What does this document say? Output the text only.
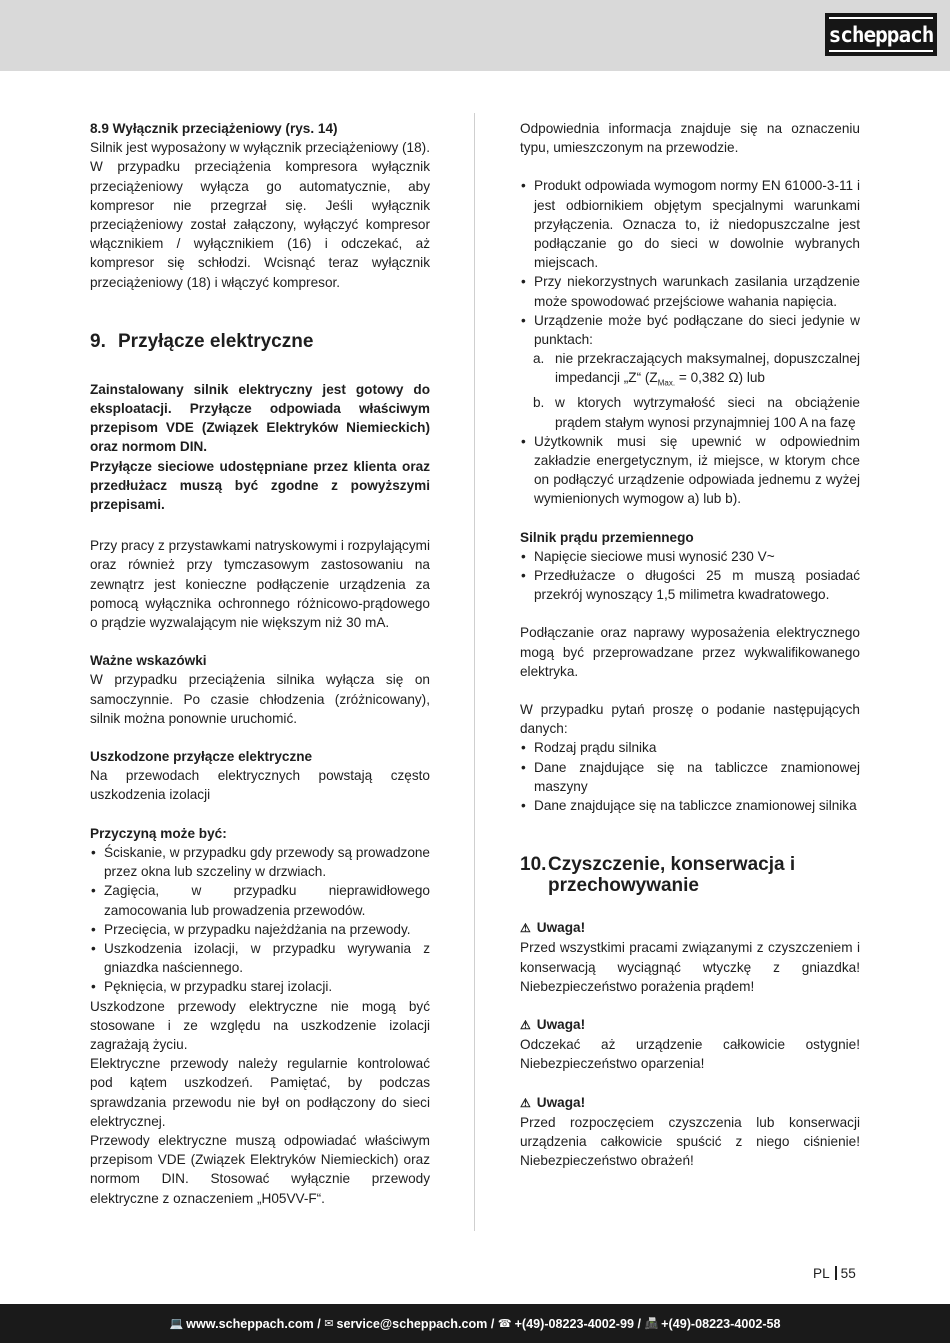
scheppach

8.9 Wyłącznik przeciążeniowy (rys. 14)

Silnik jest wyposażony w wyłącznik przeciążeniowy (18). W przypadku przeciążenia kompresora wyłącznik przeciążeniowy wyłącza go automatycznie, aby kompresor nie przegrzał się. Jeśli wyłącznik przeciążeniowy został załączony, wyłączyć kompresor włącznikiem / wyłącznikiem (16) i odczekać, aż kompresor się schłodzi. Wcisnąć teraz wyłącznik przeciążeniowy (18) i włączyć kompresor.

9. Przyłącze elektryczne

Zainstalowany silnik elektryczny jest gotowy do eksploatacji. Przyłącze odpowiada właściwym przepisom VDE (Związek Elektryków Niemieckich) oraz normom DIN.

Przyłącze sieciowe udostępniane przez klienta oraz przedłużacz muszą być zgodne z powyższymi przepisami.

Przy pracy z przystawkami natryskowymi i rozpylającymi oraz również przy tymczasowym zastosowaniu na zewnątrz jest konieczne podłączenie urządzenia za pomocą wyłącznika ochronnego różnicowo-prądowego o prądzie wyzwalającym nie większym niż 30 mA.

Ważne wskazówki

W przypadku przeciążenia silnika wyłącza się on samoczynnie. Po czasie chłodzenia (zróżnicowany), silnik można ponownie uruchomić.

Uszkodzone przyłącze elektryczne

Na przewodach elektrycznych powstają często uszkodzenia izolacji

Przyczyną może być:

• Ściskanie, w przypadku gdy przewody są prowadzone przez okna lub szczeliny w drzwiach.
• Zagięcia, w przypadku nieprawidłowego zamocowania lub prowadzenia przewodów.
• Przecięcia, w przypadku najeżdżania na przewody.
• Uszkodzenia izolacji, w przypadku wyrywania z gniazdka naściennego.
• Pęknięcia, w przypadku starej izolacji.

Uszkodzone przewody elektryczne nie mogą być stosowane i ze względu na uszkodzenie izolacji zagrażają życiu.

Elektryczne przewody należy regularnie kontrolować pod kątem uszkodzeń. Pamiętać, by podczas sprawdzania przewodu nie był on podłączony do sieci elektrycznej.

Przewody elektryczne muszą odpowiadać właściwym przepisom VDE (Związek Elektryków Niemieckich) oraz normom DIN. Stosować wyłącznie przewody elektryczne z oznaczeniem „H05VV-F“.

Odpowiednia informacja znajduje się na oznaczeniu typu, umieszczonym na przewodzie.

• Produkt odpowiada wymogom normy EN 61000-3-11 i jest odbiornikiem objętym specjalnymi warunkami przyłączenia. Oznacza to, iż niedopuszczalne jest podłączanie go do sieci w dowolnie wybranych miejscach.
• Przy niekorzystnych warunkach zasilania urządzenie może spowodować przejściowe wahania napięcia.
• Urządzenie może być podłączane do sieci jedynie w punktach:
a. nie przekraczających maksymalnej, dopuszczalnej impedancji „Z“ ($Z_{Max.} = 0,382$ Ω) lub
b. w ktorych wytrzymałość sieci na obciążenie prądem stałym wynosi przynajmniej 100 A na fazę
• Użytkownik musi się upewnić w odpowiednim zakładzie energetycznym, iż miejsce, w ktorym chce on podłączyć urządzenie odpowiada jednemu z wyżej wymienionych wymogow a) lub b).

Silnik prądu przemiennego

• Napięcie sieciowe musi wynosić 230 V~
• Przedłużacze o długości 25 m muszą posiadać przekrój wynoszący 1,5 milimetra kwadratowego.

Podłączanie oraz naprawy wyposażenia elektrycznego mogą być przeprowadzane przez wykwalifikowanego elektryka.

W przypadku pytań proszę o podanie następujących danych:

• Rodzaj prądu silnika
• Dane znajdujące się na tabliczce znamionowej maszyny
• Dane znajdujące się na tabliczce znamionowej silnika
10. Czyszczenie, konserwacja i przechowywanie

⚠ Uwaga!

Przed wszystkimi pracami związanymi z czyszczeniem i konserwacją wyciągnąć wtyczkę z gniazdka! Niebezpieczeństwo porażenia prądem!

⚠ Uwaga!

Odczekać aż urządzenie całkowicie ostygnie! Niebezpieczeństwo oparzenia!

⚠ Uwaga!

Przed rozpoczęciem czyszczenia lub konserwacji urządzenia całkowicie spuścić z niego ciśnienie! Niebezpieczeństwo obrażeń!

PL 55
💻 www.scheppach.com /
✉ service@scheppach.com /
☎ +(49)-08223-4002-99 /
📠 +(49)-08223-4002-58
